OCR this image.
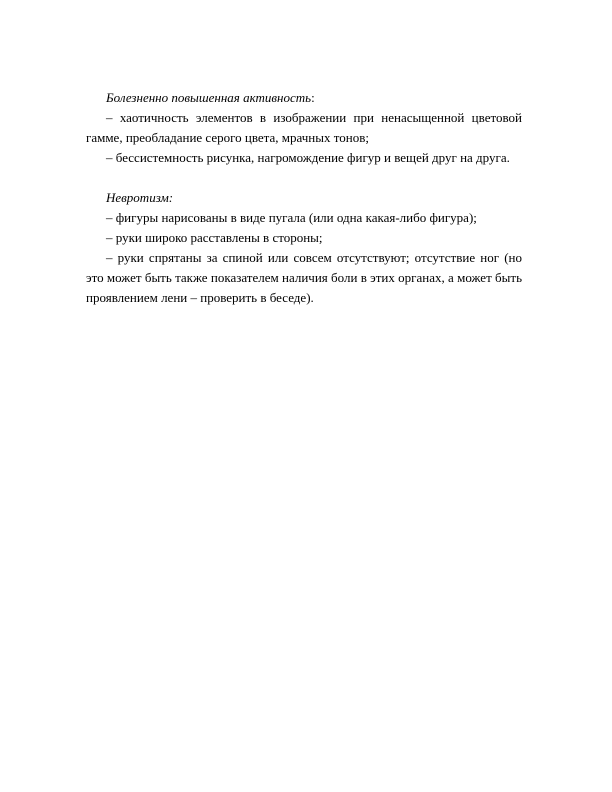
Болезненно повышенная активность:

– хаотичность элементов в изображении при ненасыщенной цветовой гамме, преобладание серого цвета, мрачных тонов;

– бессистемность рисунка, нагромождение фигур и вещей друг на друга.

Невротизм:

– фигуры нарисованы в виде пугала (или одна какая-либо фигура);

– руки широко расставлены в стороны;

– руки спрятаны за спиной или совсем отсутствуют; отсутствие ног (но это может быть также показателем наличия боли в этих органах, а может быть проявлением лени – проверить в беседе).
